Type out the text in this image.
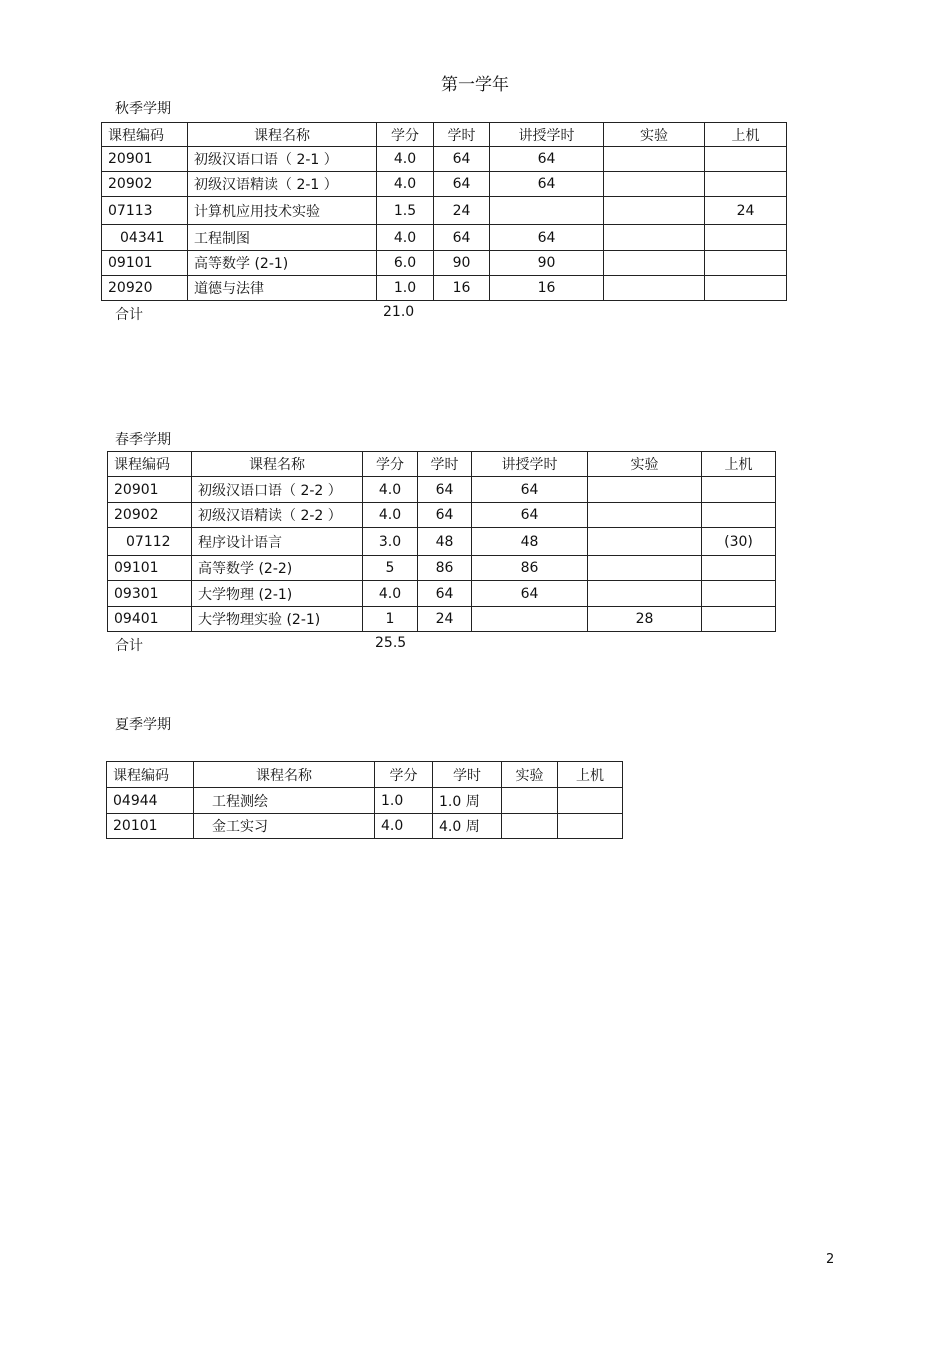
第一学年
秋季学期
课程编码	课程名称	学分	学时	讲授学时	实验	上机
20901	初级汉语口语（ 2-1 ）	4.0	64	64		
20902	初级汉语精读（ 2-1 ）	4.0	64	64		
07113	计算机应用技术实验	1.5	24			24
04341	工程制图	4.0	64	64		
09101	高等数学 (2-1)	6.0	90	90		
20920	道德与法律	1.0	16	16		
合计	21.0
春季学期
课程编码	课程名称	学分	学时	讲授学时	实验	上机
20901	初级汉语口语（ 2-2 ）	4.0	64	64		
20902	初级汉语精读（ 2-2 ）	4.0	64	64		
07112	程序设计语言	3.0	48	48		(30)
09101	高等数学 (2-2)	5	86	86		
09301	大学物理 (2-1)	4.0	64	64		
09401	大学物理实验 (2-1)	1	24		28	
合计	25.5
夏季学期
课程编码	课程名称	学分	学时	实验	上机
04944	工程测绘	1.0	1.0 周		
20101	金工实习	4.0	4.0 周		
2
